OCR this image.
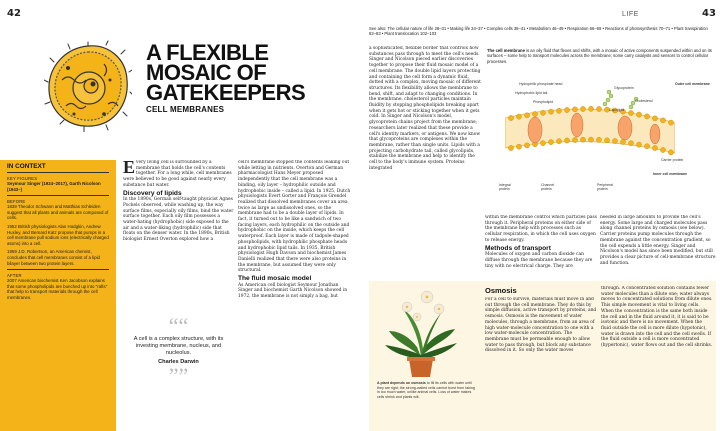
42
A FLEXIBLE
MOSAIC OF
GATEKEEPERS
CELL MEMBRANES
IN CONTEXT
KEY FIGURES
Seymour Singer (1924–2017), Garth Nicolson (1943–)
BEFORE
1839 Theodor Schwann and Matthias Schleiden suggest that all plants and animals are composed of cells.
1952 British physiologists Alan Hodgkin, Andrew Huxley, and Bernard Katz propose that pumps in a cell membrane pull sodium ions (electrically charged atoms) into a cell.
1959 J.D. Robertson, an American chemist, concludes that cell membranes consist of a lipid bilayer between two protein layers.
AFTER
2007 American biochemist Ken Jacobson explains that some phospholipids are bunched up into "rafts" that help to transport materials through the cell membranes.
E very living cell is surrounded by a membrane that holds the cell's contents together. For a long while, cell membranes were believed to be good against nearly every substance but water.

Discovery of lipids

In the 1890s, German self-taught physicist Agnes Pockels observed, while washing up, the way surface films, especially oily films, bind the water surface together. Each oily film possesses a water-hating (hydrophobic) side exposed to the air and a water-liking (hydrophilic) side that floats on the denser water. In the 1890s, British biologist Ernest Overton explored how a

““
A cell is a complex structure, with its investing membrane, nucleus, and nucleolus.
Charles Darwin
””

cell's membrane stopped the contents leaking out while letting in nutrients. Overton and German pharmacologist Hans Meyer proposed independently that the cell membrane was a binding, oily layer – hydrophilic outside and hydrophobic inside – called a lipid. In 1925, Dutch physiologists Evert Gorter and François Grendel realized that dissolved membranes cover an area twice as large as undissolved ones, so the membrane had to be a double layer of lipids. In fact, it turned out to be like a sandwich of two facing layers, each hydrophilic on the outside and hydrophobic on the inside, which keeps the cell waterproof. Each layer is made of tadpole-shaped phospholipids, with hydrophilic phosphate heads and hydrophobic lipid tails. In 1935, British physiologist Hugh Davson and biochemist James Danielli realized that there were also proteins in the membrane, but assumed they were only structural.

The fluid mosaic model

As American cell biologist Seymour Jonathan Singer and biochemist Garth Nicolson showed in 1972, the membrane is not simply a bag, but

LIFE	43
See also: The cellular nature of life 28–31 • Making life 34–37 • Complex cells 38–41 • Metabolism 46–49 • Respiration 66–69 • Reactions of photosynthesis 70–71 • Plant transpiration 82–83 • Plant translocation 102–103

a sophisticated, flexible border that controls how substances pass through to meet the cell's needs. Singer and Nicolson pieced earlier discoveries together to propose their fluid mosaic model of a cell membrane. The double lipid layers protecting and containing the cell form a dynamic fluid, dotted with a complex, moving mosaic of different structures. Its flexibility allows the membrane to bend, shift, and adapt to changing conditions. In the membrane, cholesterol particles maintain fluidity by stopping phospholipids breaking apart when it gets hot or sticking together when it gets cold. In Singer and Nicolson's model, glycoprotein chains project from the membrane; researchers later realized that these provide a cell's identity markers, or antigens. We now know that glycoproteins are complexes within the membrane, rather than single units. Lipids with a projecting carbohydrate tail, called glycolipids, stabilize the membrane and help to identify the cell to the body's immune system. Proteins integrated

The cell membrane is an oily fluid that flexes and shifts, with a mosaic of active components suspended within and on its surfaces – some help to transport molecules across the membrane; some carry catalysts and sensors to control cellular processes.
Hydrophilic phosphate head
Hydrophobic lipid tail
Phospholipid
Glycoprotein
Cholesterol
Glycolipid
Outer cell membrane
Integral protein
Channel protein
Peripheral protein
Carrier protein
Inner cell membrane

within the membrane control which particles pass through it. Peripheral proteins on either side of the membrane help with processes such as cellular respiration, in which the cell uses oxygen to release energy.

Methods of transport

Molecules of oxygen and carbon dioxide can diffuse through the membrane because they are tiny with no electrical charge. They are

needed in large amounts to provide the cell's energy. Some large and charged molecules pass along channel proteins by osmosis (see below). Carrier proteins pump molecules through the membrane against the concentration gradient, so the cell expends a little energy. Singer and Nicolson's model has since been modified, but still provides a clear picture of cell-membrane structure and function.

A plant depends on osmosis to fill its cells with water until they are rigid; the strong-walled cells cannot burst from taking in too much water, unlike animal cells. Loss of water makes cells shrink and plants wilt.
Osmosis

For a cell to survive, materials must move in and out through the cell membrane. They do this by simple diffusion, active transport by proteins, and osmosis. Osmosis is the movement of water molecules, through a membrane, from an area of high water-molecule concentration to one with a low water-molecule concentration. The membrane must be permeable enough to allow water to pass through, but block any substance dissolved in it. So only the water moves

through. A concentrated solution contains fewer water molecules than a dilute one; water always moves to concentrated solutions from dilute ones. This simple movement is vital to living cells. When the concentration is the same both inside the cell and in the fluid around it, it is said to be isotonic and there is no movement. When the fluid outside the cell is more dilute (hypotonic), water is drawn into the cell and the cell swells. If the fluid outside a cell is more concentrated (hypertonic), water flows out and the cell shrinks.
